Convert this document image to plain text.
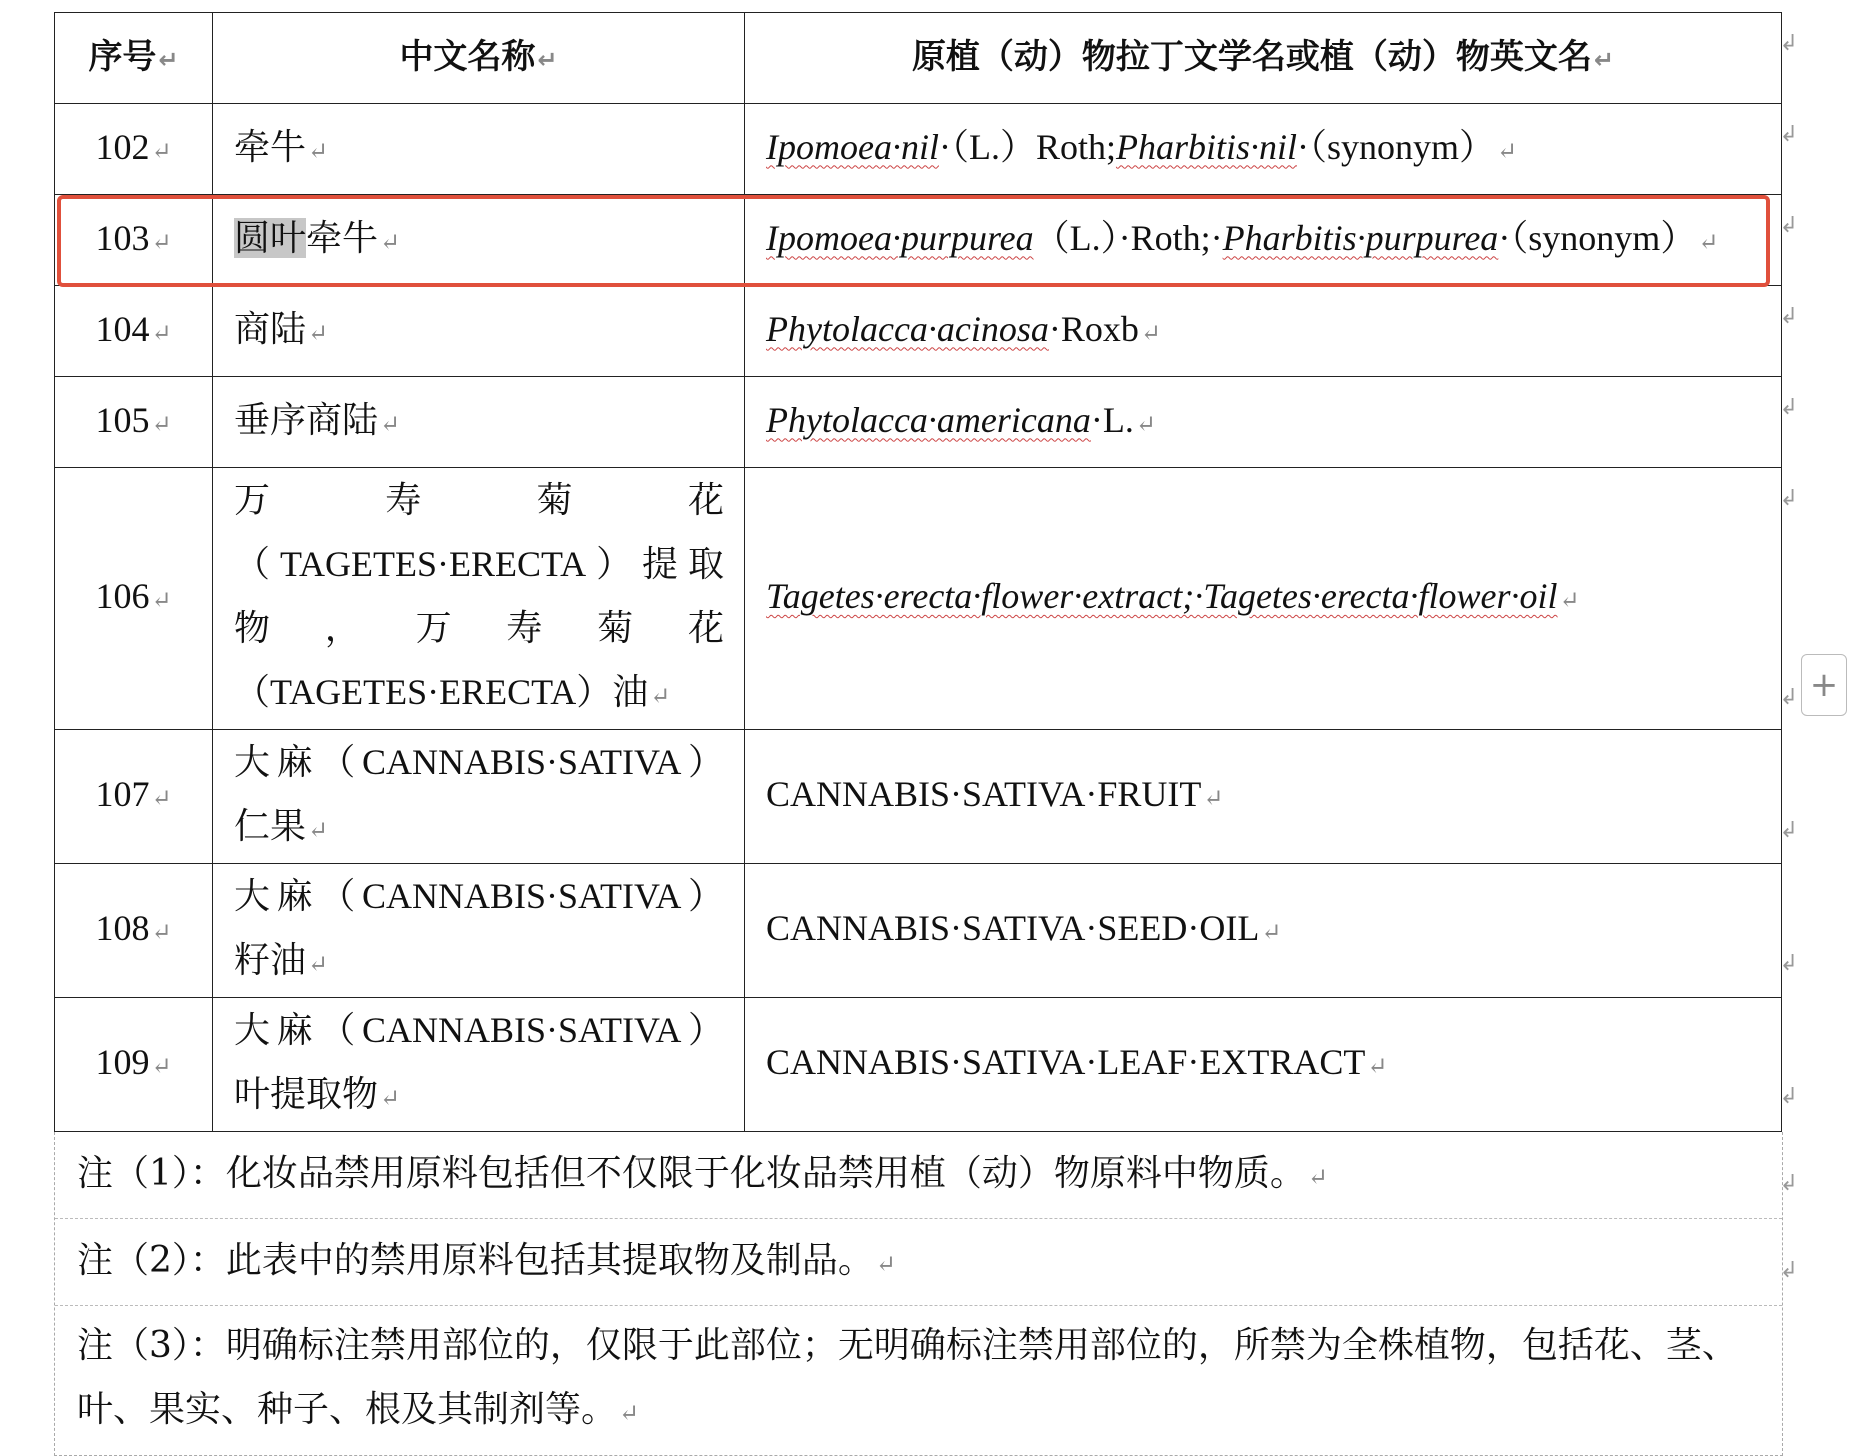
序号↵	中文名称↵	原植（动）物拉丁文学名或植（动）物英文名↵
102↵	牵牛↵	Ipomoea·nil·（L.）Roth;Pharbitis·nil·（synonym）↵
103↵	圆叶牵牛↵	Ipomoea·purpurea（L.）·Roth;·Pharbitis·purpurea·（synonym）↵
104↵	商陆↵	Phytolacca·acinosa·Roxb↵
105↵	垂序商陆↵	Phytolacca·americana·L.↵
106↵	万寿菊花（TAGETES·ERECTA）提取物，万寿菊花（TAGETES·ERECTA）油↵	Tagetes·erecta·flower·extract;·Tagetes·erecta·flower·oil↵
107↵	大麻（CANNABIS·SATIVA）仁果↵	CANNABIS·SATIVA·FRUIT↵
108↵	大麻（CANNABIS·SATIVA）籽油↵	CANNABIS·SATIVA·SEED·OIL↵
109↵	大麻（CANNABIS·SATIVA）叶提取物↵	CANNABIS·SATIVA·LEAF·EXTRACT↵
注（1）：化妆品禁用原料包括但不仅限于化妆品禁用植（动）物原料中物质。↵
注（2）：此表中的禁用原料包括其提取物及制品。↵
注（3）：明确标注禁用部位的，仅限于此部位；无明确标注禁用部位的，所禁为全株植物，包括花、茎、叶、果实、种子、根及其制剂等。↵
+
↲
↲
↲
↲
↲
↲
↲
↲
↲
↲
↲
↲
